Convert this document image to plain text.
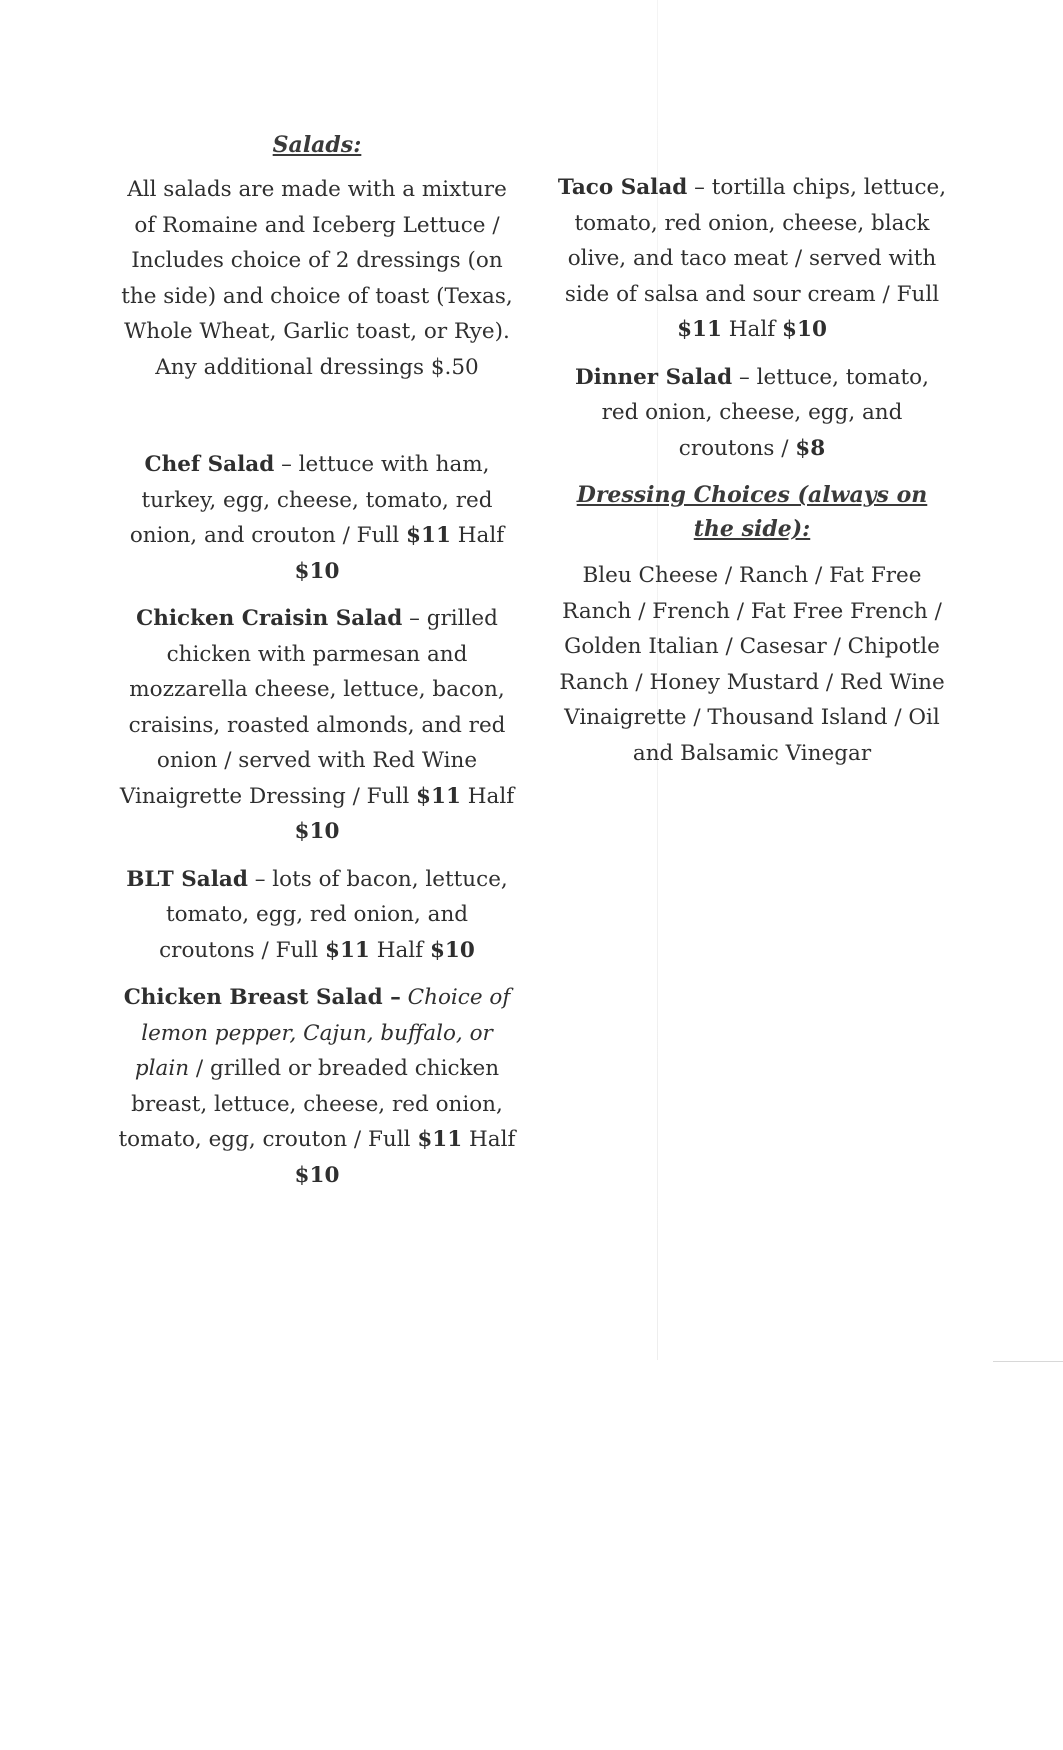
Salads:

All salads are made with a mixture of Romaine and Iceberg Lettuce / Includes choice of 2 dressings (on the side) and choice of toast (Texas, Whole Wheat, Garlic toast, or Rye). Any additional dressings $.50

Chef Salad – lettuce with ham, turkey, egg, cheese, tomato, red onion, and crouton / Full $11 Half $10

Chicken Craisin Salad – grilled chicken with parmesan and mozzarella cheese, lettuce, bacon, craisins, roasted almonds, and red onion / served with Red Wine Vinaigrette Dressing / Full $11 Half $10

BLT Salad – lots of bacon, lettuce, tomato, egg, red onion, and croutons / Full $11 Half $10

Chicken Breast Salad – Choice of lemon pepper, Cajun, buffalo, or plain / grilled or breaded chicken breast, lettuce, cheese, red onion, tomato, egg, crouton / Full $11 Half $10

Taco Salad – tortilla chips, lettuce, tomato, red onion, cheese, black olive, and taco meat / served with side of salsa and sour cream / Full $11 Half $10

Dinner Salad – lettuce, tomato, red onion, cheese, egg, and croutons / $8

Dressing Choices (always on the side):

Bleu Cheese / Ranch / Fat Free Ranch / French / Fat Free French / Golden Italian / Casesar / Chipotle Ranch / Honey Mustard / Red Wine Vinaigrette / Thousand Island / Oil and Balsamic Vinegar
